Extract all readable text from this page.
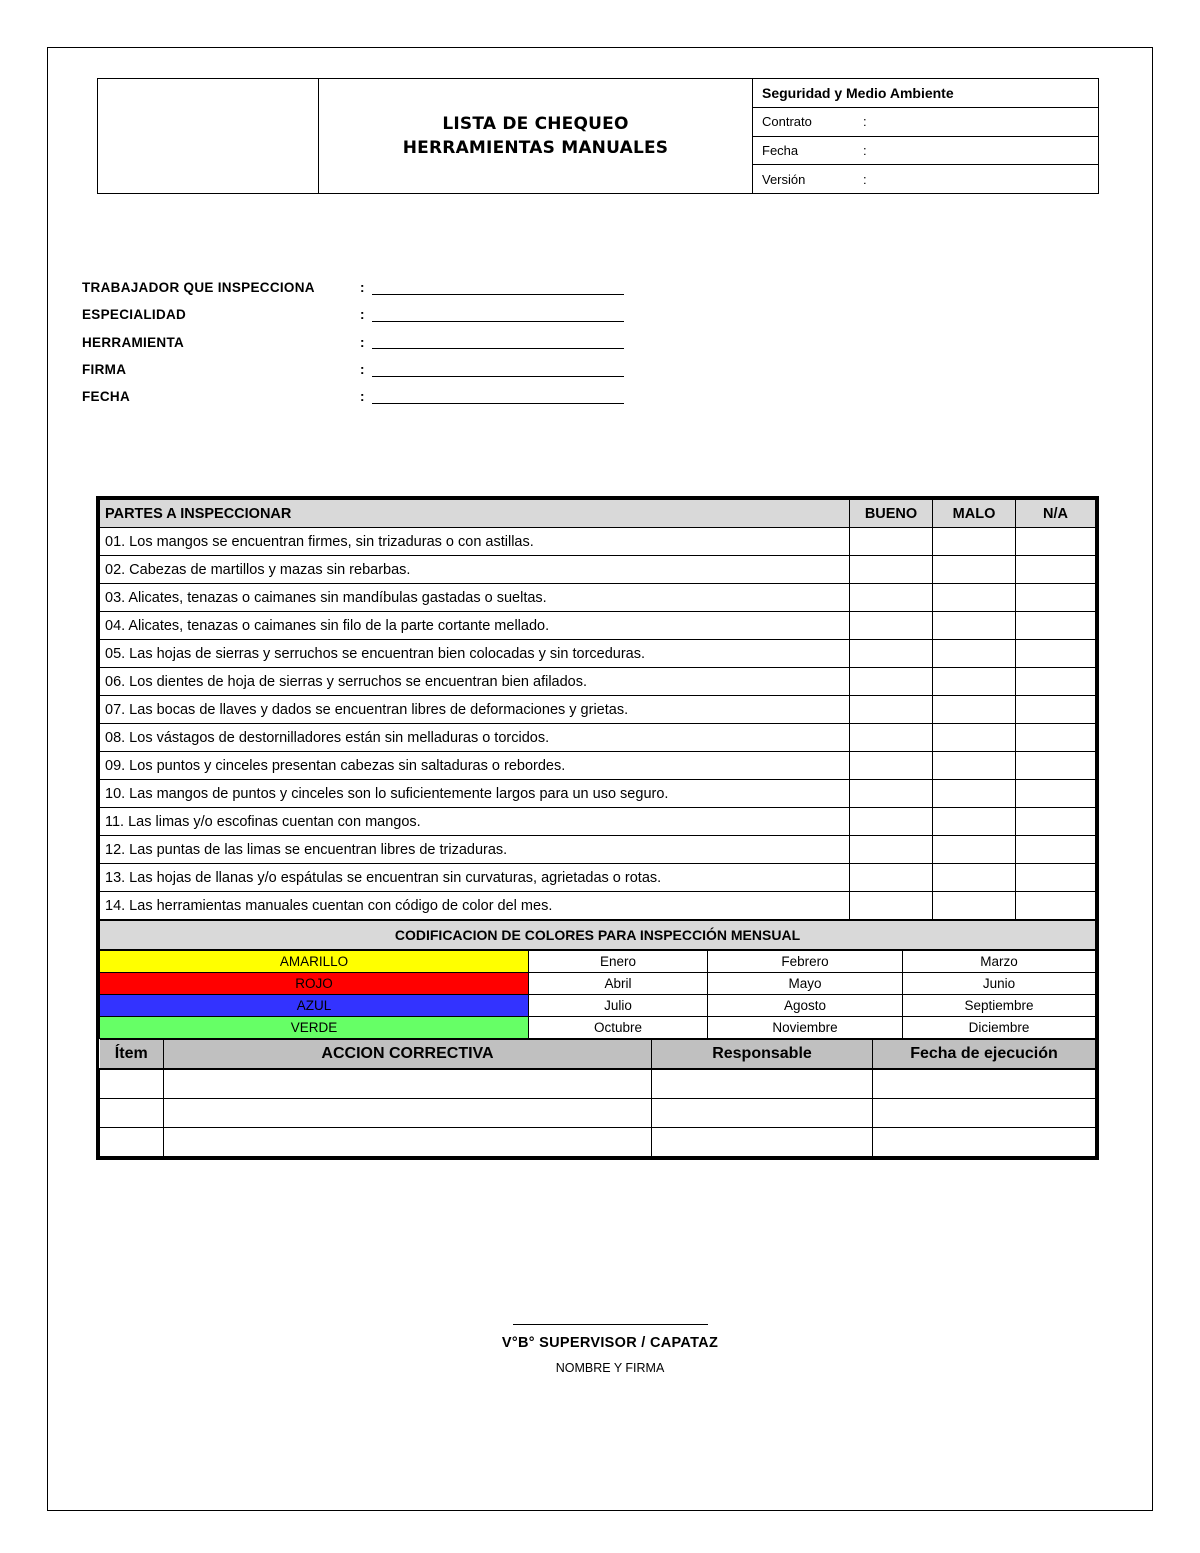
LISTA DE CHEQUEO
HERRAMIENTAS MANUALES
Seguridad y Medio Ambiente
Contrato	:
Fecha	:
Versión	:
TRABAJADOR QUE INSPECCIONA	:
ESPECIALIDAD	:
HERRAMIENTA	:
FIRMA	:
FECHA	:
PARTES A INSPECCIONAR	BUENO	MALO	N/A
01. Los mangos se encuentran firmes, sin trizaduras o con astillas.			
02. Cabezas de martillos y mazas sin rebarbas.			
03. Alicates, tenazas o caimanes sin mandíbulas gastadas o sueltas.			
04. Alicates, tenazas o caimanes sin filo de la parte cortante mellado.			
05. Las hojas de sierras y serruchos se encuentran bien colocadas y sin torceduras.			
06. Los dientes de hoja de sierras y serruchos se encuentran bien afilados.			
07. Las bocas de llaves y dados se encuentran libres de deformaciones y grietas.			
08. Los vástagos de destornilladores están sin melladuras o torcidos.			
09. Los puntos y cinceles presentan cabezas sin saltaduras o rebordes.			
10. Las mangos de puntos y cinceles son lo suficientemente largos para un uso seguro.			
11. Las limas y/o escofinas cuentan con mangos.			
12. Las puntas de las limas se encuentran libres de trizaduras.			
13. Las hojas de llanas y/o espátulas se encuentran sin curvaturas, agrietadas o rotas.			
14. Las herramientas manuales cuentan con código de color del mes.			
CODIFICACION DE COLORES PARA INSPECCIÓN MENSUAL
AMARILLO	Enero	Febrero	Marzo
ROJO	Abril	Mayo	Junio
AZUL	Julio	Agosto	Septiembre
VERDE	Octubre	Noviembre	Diciembre
Ítem	ACCION CORRECTIVA	Responsable	Fecha de ejecución

V°B° SUPERVISOR / CAPATAZ
NOMBRE Y FIRMA
